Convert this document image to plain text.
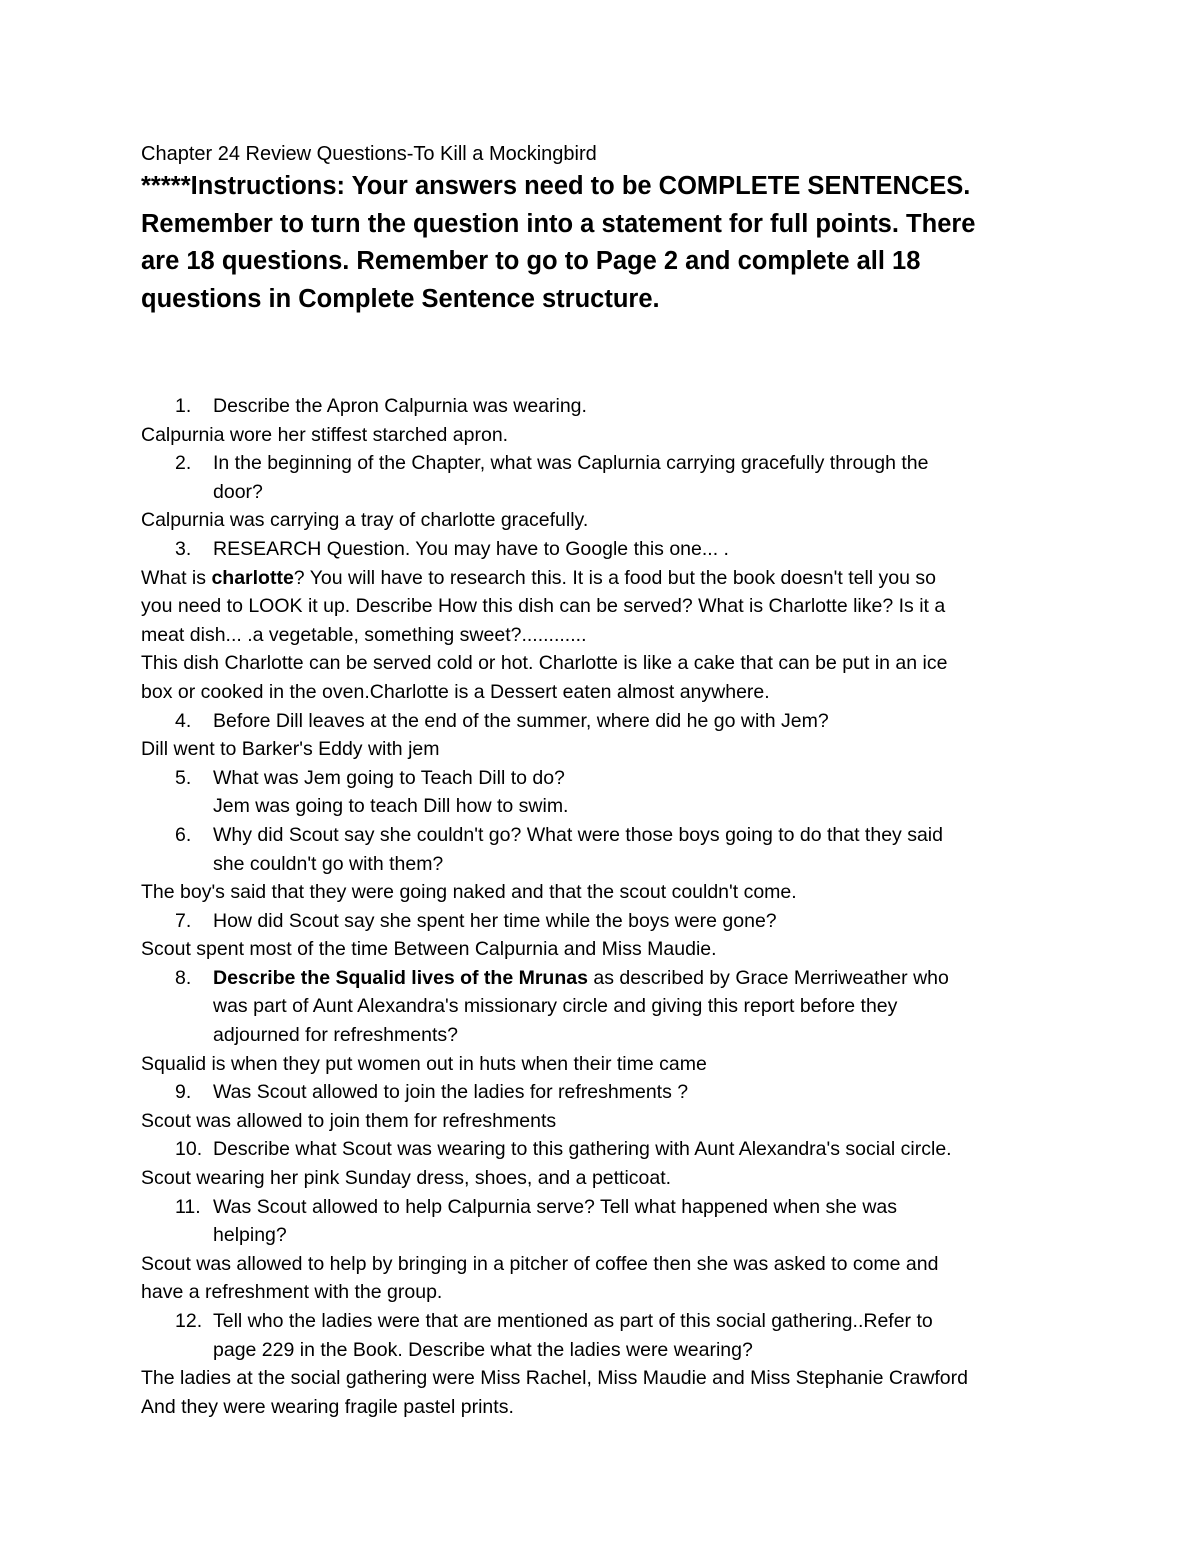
Chapter 24 Review Questions-To Kill a Mockingbird

*****Instructions: Your answers need to be COMPLETE SENTENCES.

Remember to turn the question into a statement for full points. There

are 18 questions. Remember to go to Page 2 and complete all 18

questions in Complete Sentence structure.

1. Describe the Apron Calpurnia was wearing.

Calpurnia wore her stiffest starched apron.

2. In the beginning of the Chapter, what was Caplurnia carrying gracefully through the

door?

Calpurnia was carrying a tray of charlotte gracefully.

3. RESEARCH Question. You may have to Google this one... .

What is charlotte? You will have to research this. It is a food but the book doesn't tell you so

you need to LOOK it up. Describe How this dish can be served? What is Charlotte like? Is it a

meat dish... .a vegetable, something sweet?............

This dish Charlotte can be served cold or hot. Charlotte is like a cake that can be put in an ice

box or cooked in the oven.Charlotte is a Dessert eaten almost anywhere.

4. Before Dill leaves at the end of the summer, where did he go with Jem?

Dill went to Barker's Eddy with jem

5. What was Jem going to Teach Dill to do?

Jem was going to teach Dill how to swim.

6. Why did Scout say she couldn't go? What were those boys going to do that they said

she couldn't go with them?

The boy's said that they were going naked and that the scout couldn't come.

7. How did Scout say she spent her time while the boys were gone?

Scout spent most of the time Between Calpurnia and Miss Maudie.

8. Describe the Squalid lives of the Mrunas as described by Grace Merriweather who

was part of Aunt Alexandra's missionary circle and giving this report before they

adjourned for refreshments?

Squalid is when they put women out in huts when their time came

9. Was Scout allowed to join the ladies for refreshments ?

Scout was allowed to join them for refreshments

10. Describe what Scout was wearing to this gathering with Aunt Alexandra's social circle.

Scout wearing her pink Sunday dress, shoes, and a petticoat.

11. Was Scout allowed to help Calpurnia serve? Tell what happened when she was

helping?

Scout was allowed to help by bringing in a pitcher of coffee then she was asked to come and

have a refreshment with the group.

12. Tell who the ladies were that are mentioned as part of this social gathering..Refer to

page 229 in the Book. Describe what the ladies were wearing?

The ladies at the social gathering were Miss Rachel, Miss Maudie and Miss Stephanie Crawford

And they were wearing fragile pastel prints.
